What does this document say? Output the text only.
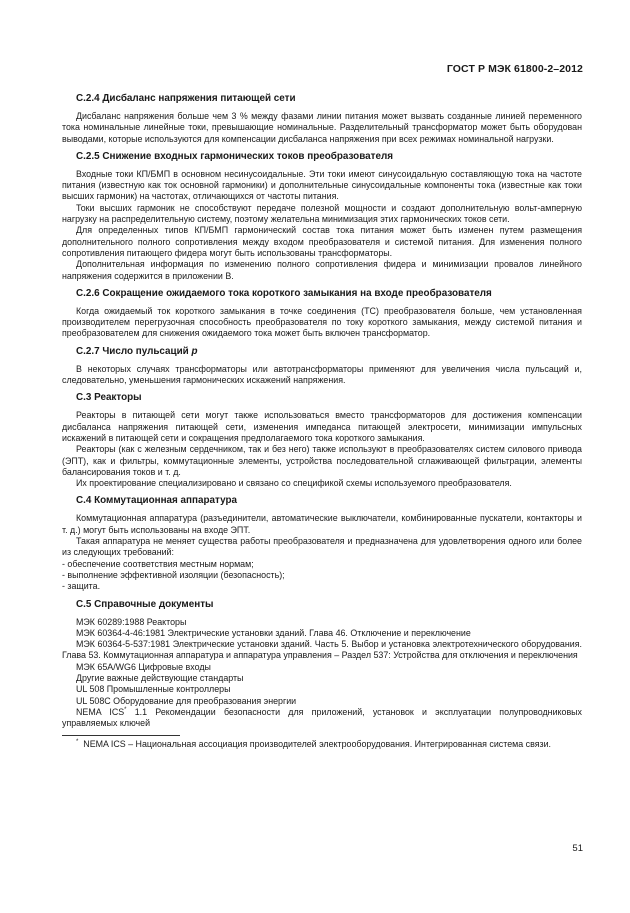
ГОСТ Р МЭК 61800-2–2012
С.2.4 Дисбаланс напряжения питающей сети

Дисбаланс напряжения больше чем 3 % между фазами линии питания может вызвать созданные линией переменного тока номинальные линейные токи, превышающие номинальные. Разделительный трансформатор может быть оборудован выводами, которые используются для компенсации дисбаланса напряжения при всех режимах номинальной нагрузки.

С.2.5 Снижение входных гармонических токов преобразователя

Входные токи КП/БМП в основном несинусоидальные. Эти токи имеют синусоидальную составляющую тока на частоте питания (известную как ток основной гармоники) и дополнительные синусоидальные компоненты тока (известные как токи высших гармоник) на частотах, отличающихся от частоты питания.

Токи высших гармоник не способствуют передаче полезной мощности и создают дополнительную вольт-амперную нагрузку на распределительную систему, поэтому желательна минимизация этих гармонических токов сети.

Для определенных типов КП/БМП гармонический состав тока питания может быть изменен путем размещения дополнительного полного сопротивления между входом преобразователя и системой питания. Для изменения полного сопротивления питающего фидера могут быть использованы трансформаторы.

Дополнительная информация по изменению полного сопротивления фидера и минимизации провалов линейного напряжения содержится в приложении В.

С.2.6 Сокращение ожидаемого тока короткого замыкания на входе преобразователя

Когда ожидаемый ток короткого замыкания в точке соединения (ТС) преобразователя больше, чем установленная производителем перегрузочная способность преобразователя по току короткого замыкания, между системой питания и преобразователем для снижения ожидаемого тока может быть включен трансформатор.

С.2.7 Число пульсаций p

В некоторых случаях трансформаторы или автотрансформаторы применяют для увеличения числа пульсаций и, следовательно, уменьшения гармонических искажений напряжения.

С.3 Реакторы

Реакторы в питающей сети могут также использоваться вместо трансформаторов для достижения компенсации дисбаланса напряжения питающей сети, изменения импеданса питающей электросети, минимизации импульсных искажений в питающей сети и сокращения предполагаемого тока короткого замыкания.

Реакторы (как с железным сердечником, так и без него) также используют в преобразователях систем силового привода (ЭПТ), как и фильтры, коммутационные элементы, устройства последовательной сглаживающей фильтрации, элементы балансирования токов и т. д.

Их проектирование специализировано и связано со спецификой схемы используемого преобразователя.

С.4 Коммутационная аппаратура

Коммутационная аппаратура (разъединители, автоматические выключатели, комбинированные пускатели, контакторы и т. д.) могут быть использованы на входе ЭПТ.

Такая аппаратура не меняет существа работы преобразователя и предназначена для удовлетворения одного или более из следующих требований:

- обеспечение соответствия местным нормам;

- выполнение эффективной изоляции (безопасность);

- защита.

С.5 Справочные документы

МЭК 60289:1988 Реакторы

МЭК 60364-4-46:1981 Электрические установки зданий. Глава 46. Отключение и переключение

МЭК 60364-5-537:1981 Электрические установки зданий. Часть 5. Выбор и установка электротехнического оборудования. Глава 53. Коммутационная аппаратура и аппаратура управления – Раздел 537: Устройства для отключения и переключения

МЭК 65A/WG6 Цифровые входы

Другие важные действующие стандарты

UL 508 Промышленные контроллеры

UL 508C Оборудование для преобразования энергии

NEMA ICS* 1.1 Рекомендации безопасности для приложений, установок и эксплуатации полупроводниковых управляемых ключей

* NEMA ICS – Национальная ассоциация производителей электрооборудования. Интегрированная система связи.

51
